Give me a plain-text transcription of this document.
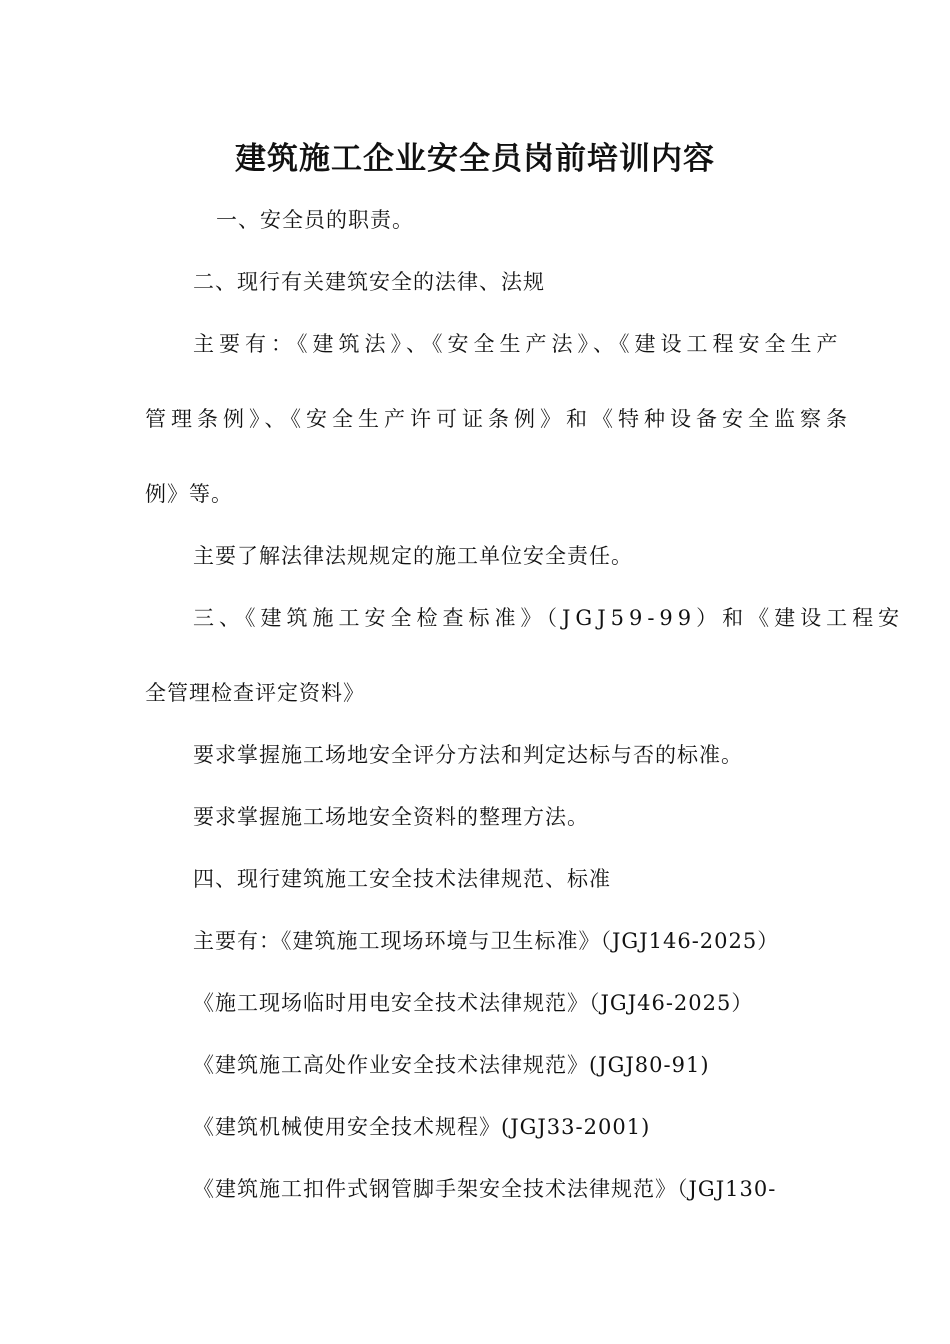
建筑施工企业安全员岗前培训内容
一、安全员的职责。
二、现行有关建筑安全的法律、法规
主要有：《建筑法》、《安全生产法》、《建设工程安全生产
管理条例》、《安全生产许可证条例》和《特种设备安全监察条
例》等。
主要了解法律法规规定的施工单位安全责任。
三、《建筑施工安全检查标准》（JGJ59-99）和《建设工程安
全管理检查评定资料》
要求掌握施工场地安全评分方法和判定达标与否的标准。
要求掌握施工场地安全资料的整理方法。
四、现行建筑施工安全技术法律规范、标准
主要有：《建筑施工现场环境与卫生标准》（JGJ146-2025）
《施工现场临时用电安全技术法律规范》（JGJ46-2025）
《建筑施工高处作业安全技术法律规范》(JGJ80-91)
《建筑机械使用安全技术规程》(JGJ33-2001)
《建筑施工扣件式钢管脚手架安全技术法律规范》（JGJ130-
